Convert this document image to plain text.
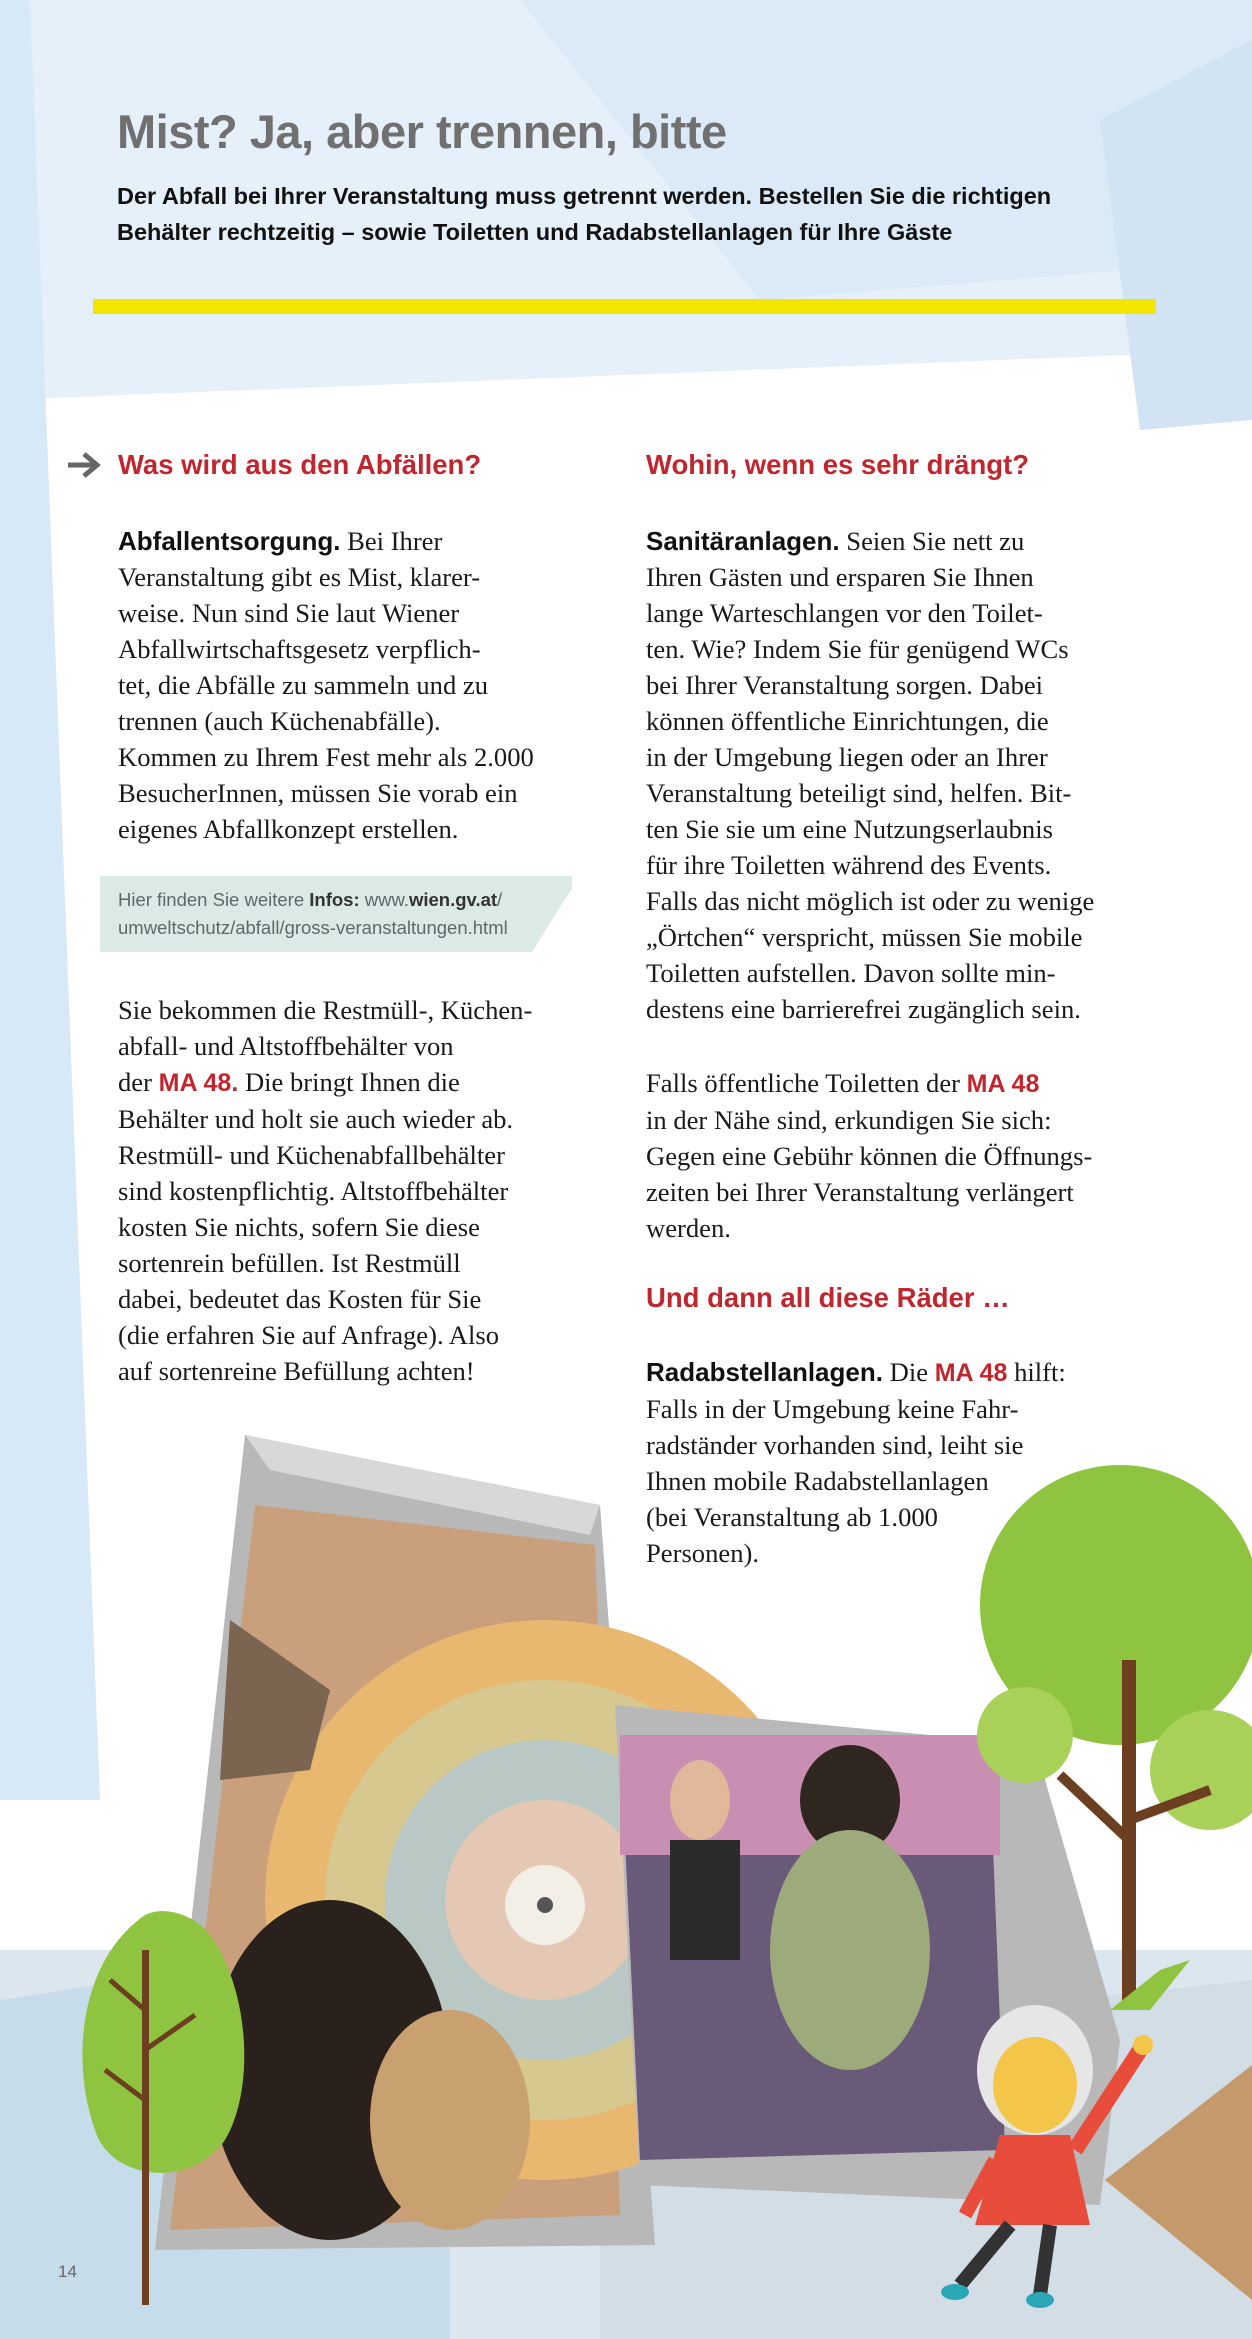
Mist? Ja, aber trennen, bitte

Der Abfall bei Ihrer Veranstaltung muss getrennt werden. Bestellen Sie die richtigen
Behälter rechtzeitig – sowie Toiletten und Radabstellanlagen für Ihre Gäste

Was wird aus den Abfällen?

Abfallentsorgung. Bei Ihrer
Veranstaltung gibt es Mist, klarer-
weise. Nun sind Sie laut Wiener
Abfallwirtschaftsgesetz verpflich-
tet, die Abfälle zu sammeln und zu
trennen (auch Küchenabfälle).
Kommen zu Ihrem Fest mehr als 2.000
BesucherInnen, müssen Sie vorab ein
eigenes Abfallkonzept erstellen.

Hier finden Sie weitere Infos: www.wien.gv.at/
umweltschutz/abfall/gross-veranstaltungen.html

Sie bekommen die Restmüll-, Küchen-
abfall- und Altstoffbehälter von
der MA 48. Die bringt Ihnen die
Behälter und holt sie auch wieder ab.
Restmüll- und Küchenabfallbehälter
sind kostenpflichtig. Altstoffbehälter
kosten Sie nichts, sofern Sie diese
sortenrein befüllen. Ist Restmüll
dabei, bedeutet das Kosten für Sie
(die erfahren Sie auf Anfrage). Also
auf sortenreine Befüllung achten!

Wohin, wenn es sehr drängt?

Sanitäranlagen. Seien Sie nett zu
Ihren Gästen und ersparen Sie Ihnen
lange Warteschlangen vor den Toilet-
ten. Wie? Indem Sie für genügend WCs
bei Ihrer Veranstaltung sorgen. Dabei
können öffentliche Einrichtungen, die
in der Umgebung liegen oder an Ihrer
Veranstaltung beteiligt sind, helfen. Bit-
ten Sie sie um eine Nutzungserlaubnis
für ihre Toiletten während des Events.
Falls das nicht möglich ist oder zu wenige
„Örtchen“ verspricht, müssen Sie mobile
Toiletten aufstellen. Davon sollte min-
destens eine barrierefrei zugänglich sein.

Falls öffentliche Toiletten der MA 48
in der Nähe sind, erkundigen Sie sich:
Gegen eine Gebühr können die Öffnungs-
zeiten bei Ihrer Veranstaltung verlängert
werden.

Und dann all diese Räder …

Radabstellanlagen. Die MA 48 hilft:
Falls in der Umgebung keine Fahr-
radständer vorhanden sind, leiht sie
Ihnen mobile Radabstellanlagen
(bei Veranstaltung ab 1.000
Personen).

14
